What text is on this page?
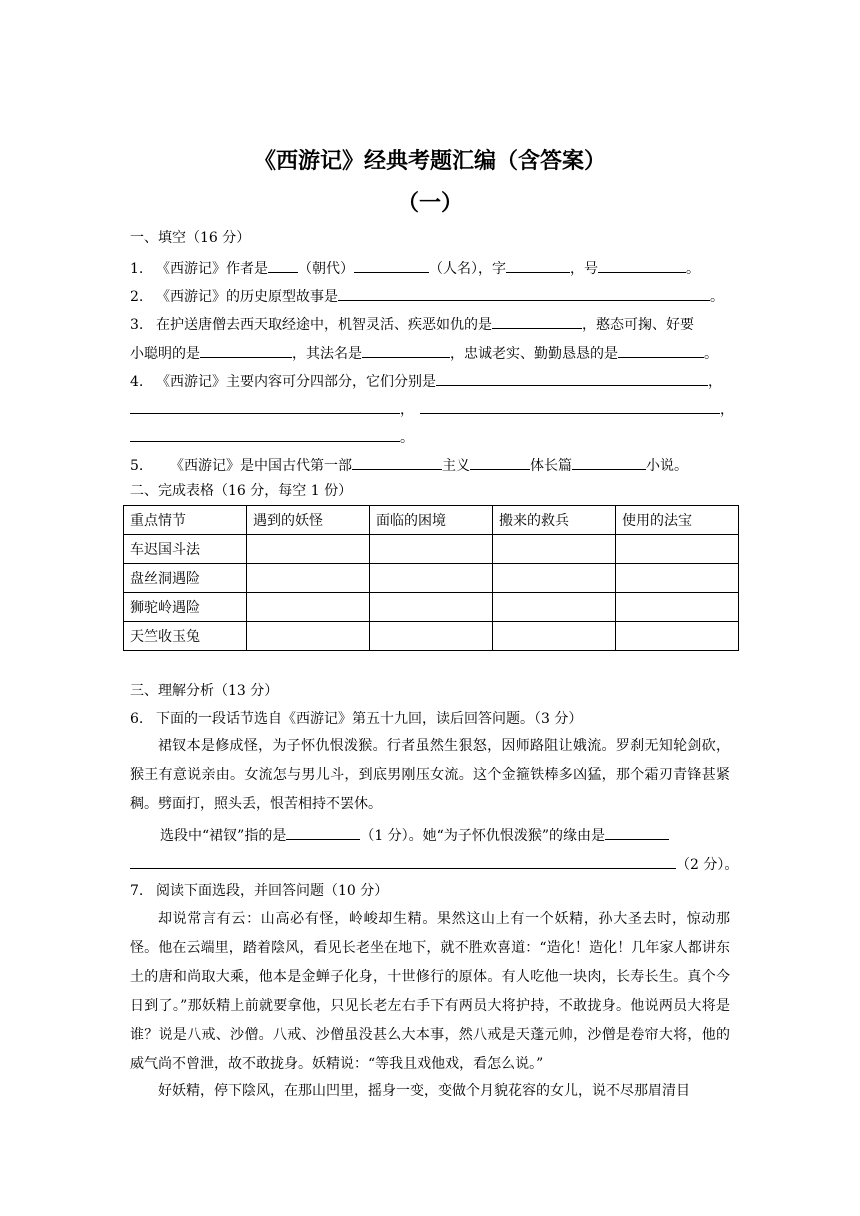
《西游记》经典考题汇编（含答案）
（一）
一、填空（16 分）
1. 《西游记》作者是 （朝代）	（人名），字	，号	。
2. 《西游记》的历史原型故事是	。
3. 在护送唐僧去西天取经途中，机智灵活、疾恶如仇的是	，憨态可掬、好要
小聪明的是	，其法名是	，忠诚老实、勤勤恳恳的是	。
4. 《西游记》主要内容可分四部分，它们分别是	，
，	，
。
5. 《西游记》是中国古代第一部	主义	体长篇	小说。
二、完成表格（16 分，每空 1 份）
重点情节	遇到的妖怪	面临的困境	搬来的救兵	使用的法宝
车迟国斗法				
盘丝洞遇险				
狮驼岭遇险				
天竺收玉兔				
三、理解分析（13 分）
6. 下面的一段话节选自《西游记》第五十九回，读后回答问题。（3 分）
裙钗本是修成怪，为子怀仇恨泼猴。行者虽然生狠怒，因师路阻让娥流。罗刹无知轮剑砍，猴王有意说亲由。女流怎与男儿斗，到底男刚压女流。这个金箍铁棒多凶猛，那个霜刃青锋甚紧稠。劈面打，照头丢，恨苦相持不罢休。
选段中“裙钗”指的是	（1 分）。她“为子怀仇恨泼猴”的缘由是
（2 分）。
7. 阅读下面选段，并回答问题（10 分）
却说常言有云：山高必有怪，岭峻却生精。果然这山上有一个妖精，孙大圣去时，惊动那怪。他在云端里，踏着陰风，看见长老坐在地下，就不胜欢喜道：“造化！造化！几年家人都讲东土的唐和尚取大乘，他本是金蝉子化身，十世修行的原体。有人吃他一块肉，长寿长生。真个今日到了。”那妖精上前就要拿他，只见长老左右手下有两员大将护持，不敢拢身。他说两员大将是谁？说是八戒、沙僧。八戒、沙僧虽没甚么大本事，然八戒是天蓬元帅，沙僧是卷帘大将，他的威气尚不曾泄，故不敢拢身。妖精说：“等我且戏他戏，看怎么说。”
好妖精，停下陰风，在那山凹里，摇身一变，变做个月貌花容的女儿，说不尽那眉清目
